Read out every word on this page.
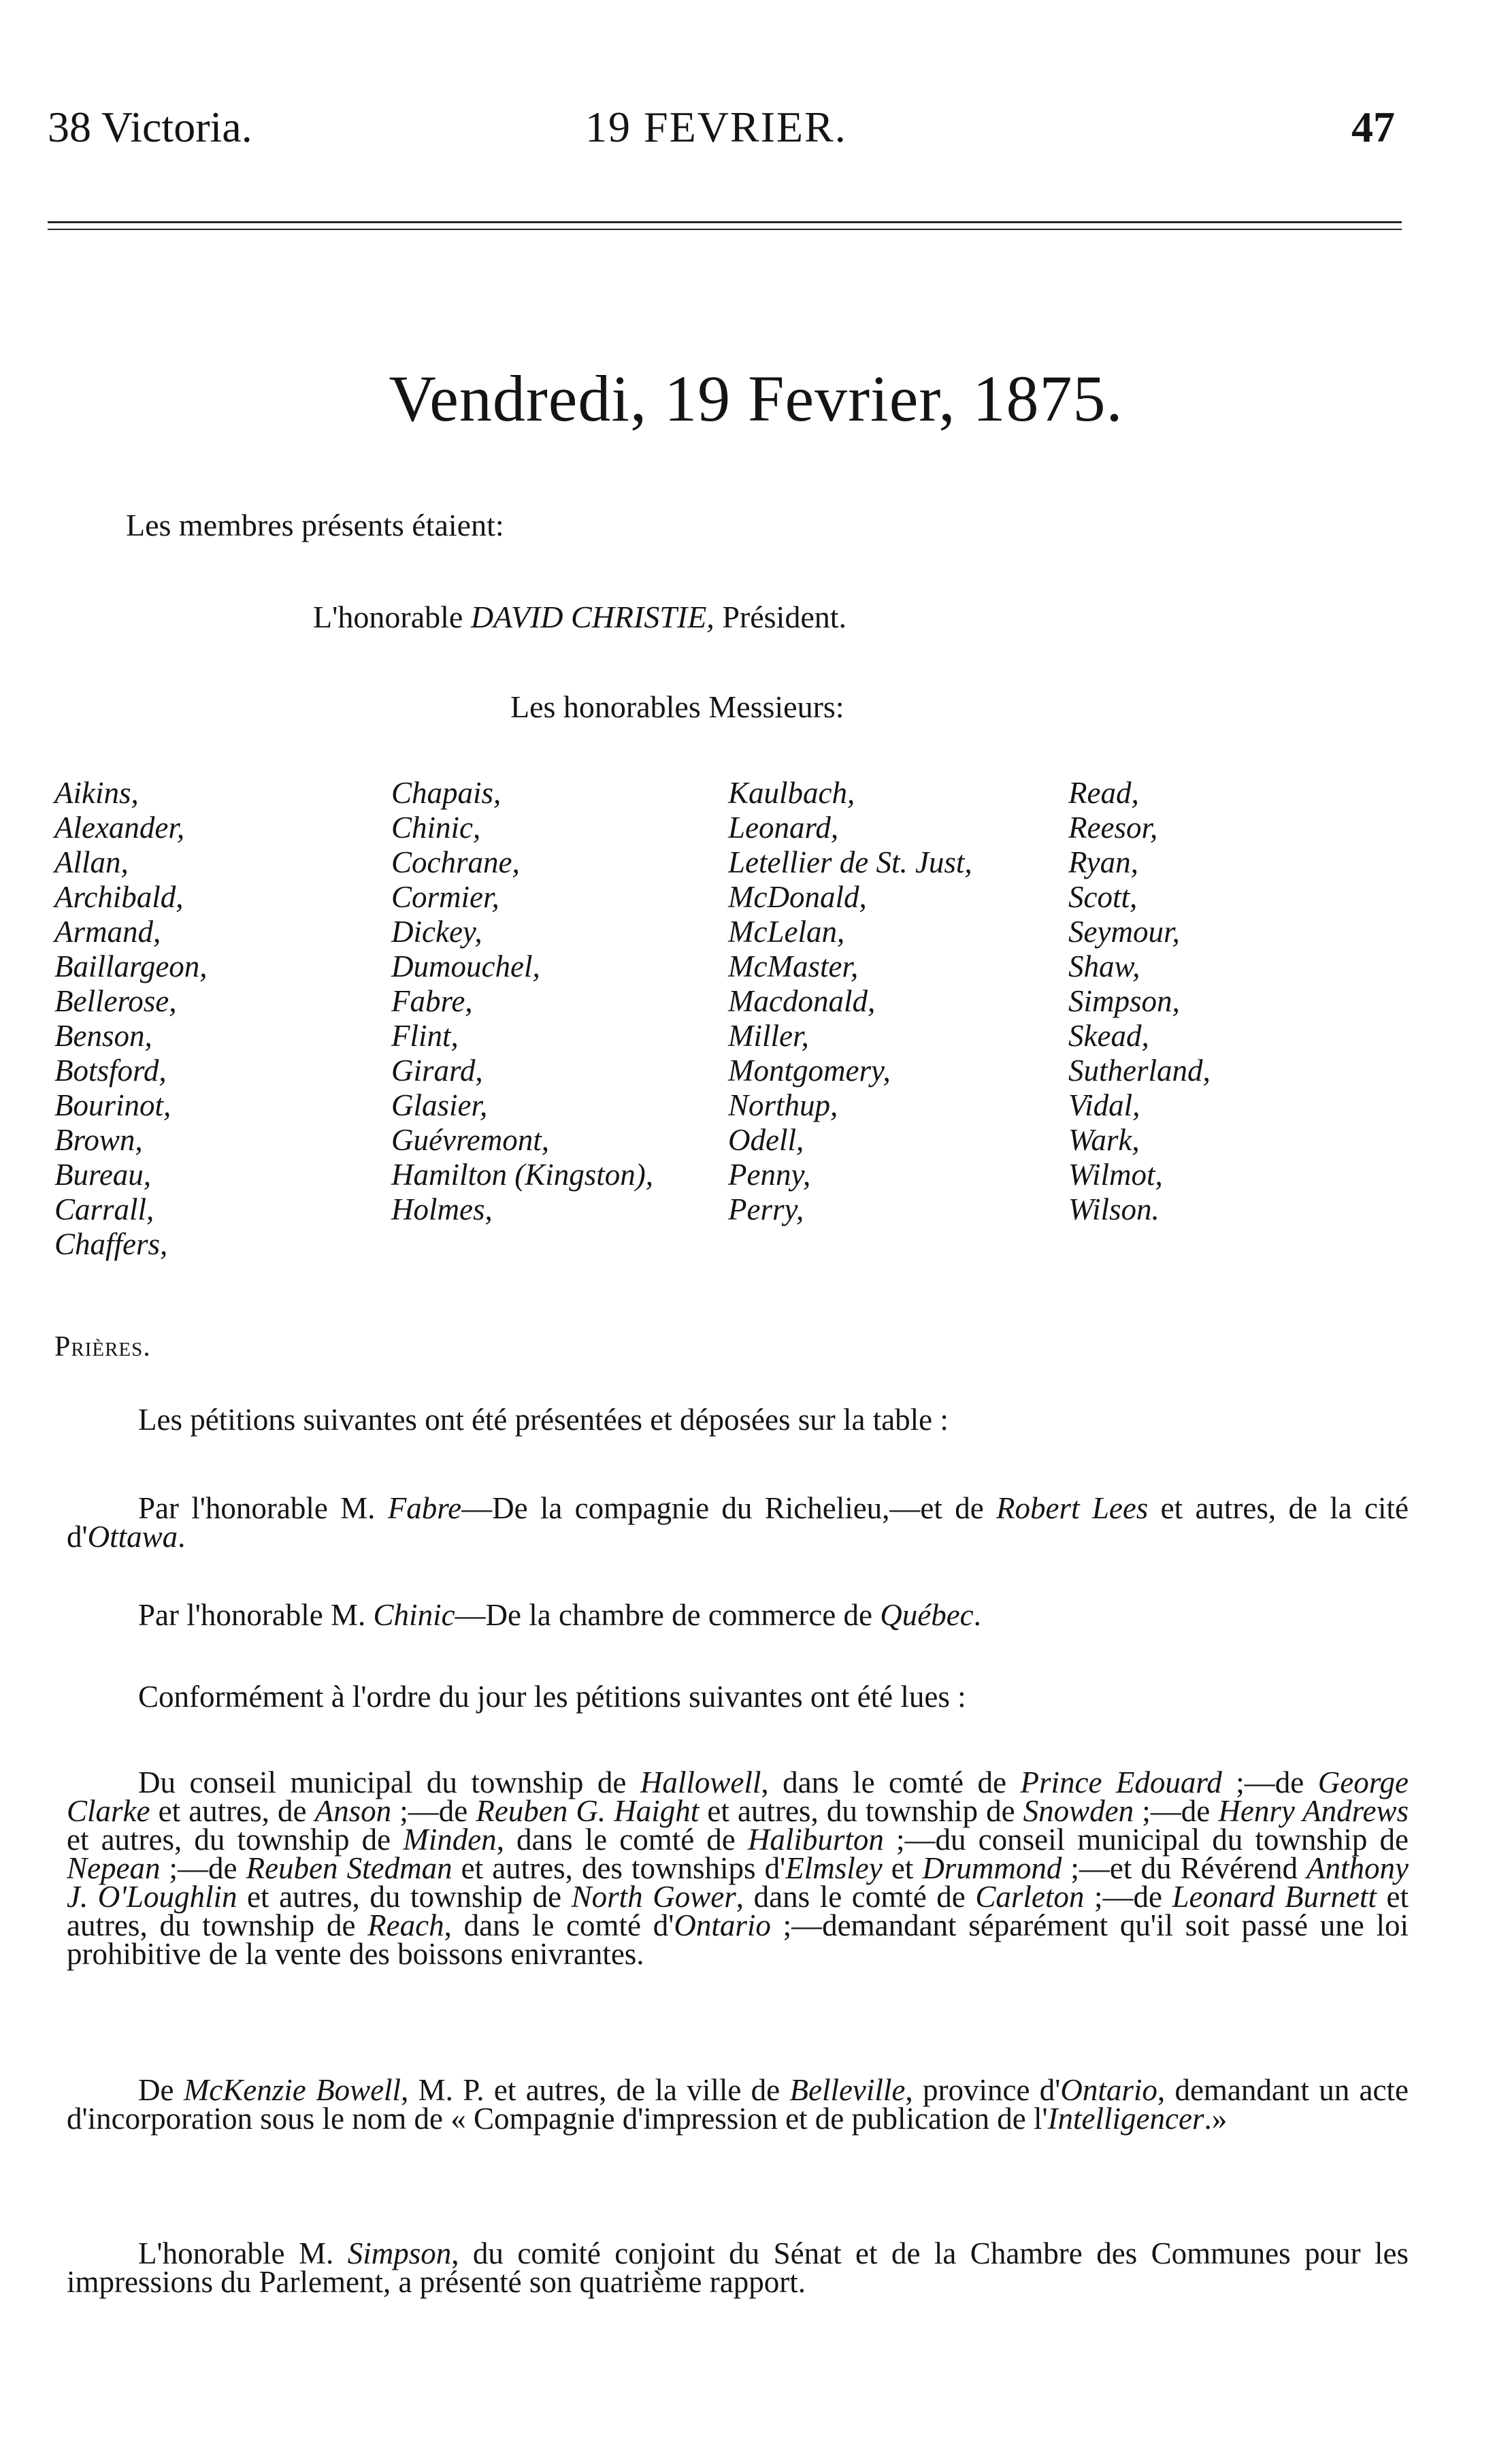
38 Victoria.	19 FEVRIER.	47
Vendredi, 19 Fevrier, 1875.
Les membres présents étaient:
L'honorable DAVID CHRISTIE, Président.
Les honorables Messieurs:
Aikins,
Alexander,
Allan,
Archibald,
Armand,
Baillargeon,
Bellerose,
Benson,
Botsford,
Bourinot,
Brown,
Bureau,
Carrall,
Chaffers,
Chapais,
Chinic,
Cochrane,
Cormier,
Dickey,
Dumouchel,
Fabre,
Flint,
Girard,
Glasier,
Guévremont,
Hamilton (Kingston),
Holmes,
Kaulbach,
Leonard,
Letellier de St. Just,
McDonald,
McLelan,
McMaster,
Macdonald,
Miller,
Montgomery,
Northup,
Odell,
Penny,
Perry,
Read,
Reesor,
Ryan,
Scott,
Seymour,
Shaw,
Simpson,
Skead,
Sutherland,
Vidal,
Wark,
Wilmot,
Wilson.
Prières.
Les pétitions suivantes ont été présentées et déposées sur la table :
Par l'honorable M. Fabre—De la compagnie du Richelieu,—et de Robert Lees et autres, de la cité d'Ottawa.
Par l'honorable M. Chinic—De la chambre de commerce de Québec.
Conformément à l'ordre du jour les pétitions suivantes ont été lues :
Du conseil municipal du township de Hallowell, dans le comté de Prince Edouard ;—de George Clarke et autres, de Anson ;—de Reuben G. Haight et autres, du township de Snowden ;—de Henry Andrews et autres, du township de Minden, dans le comté de Haliburton ;—du conseil municipal du township de Nepean ;—de Reuben Stedman et autres, des townships d'Elmsley et Drummond ;—et du Révérend Anthony J. O'Loughlin et autres, du township de North Gower, dans le comté de Carleton ;—de Leonard Burnett et autres, du township de Reach, dans le comté d'Ontario ;—demandant séparément qu'il soit passé une loi prohibitive de la vente des boissons enivrantes.
De McKenzie Bowell, M. P. et autres, de la ville de Belleville, province d'Ontario, demandant un acte d'incorporation sous le nom de « Compagnie d'impression et de publication de l'Intelligencer.»
L'honorable M. Simpson, du comité conjoint du Sénat et de la Chambre des Communes pour les impressions du Parlement, a présenté son quatrième rapport.
